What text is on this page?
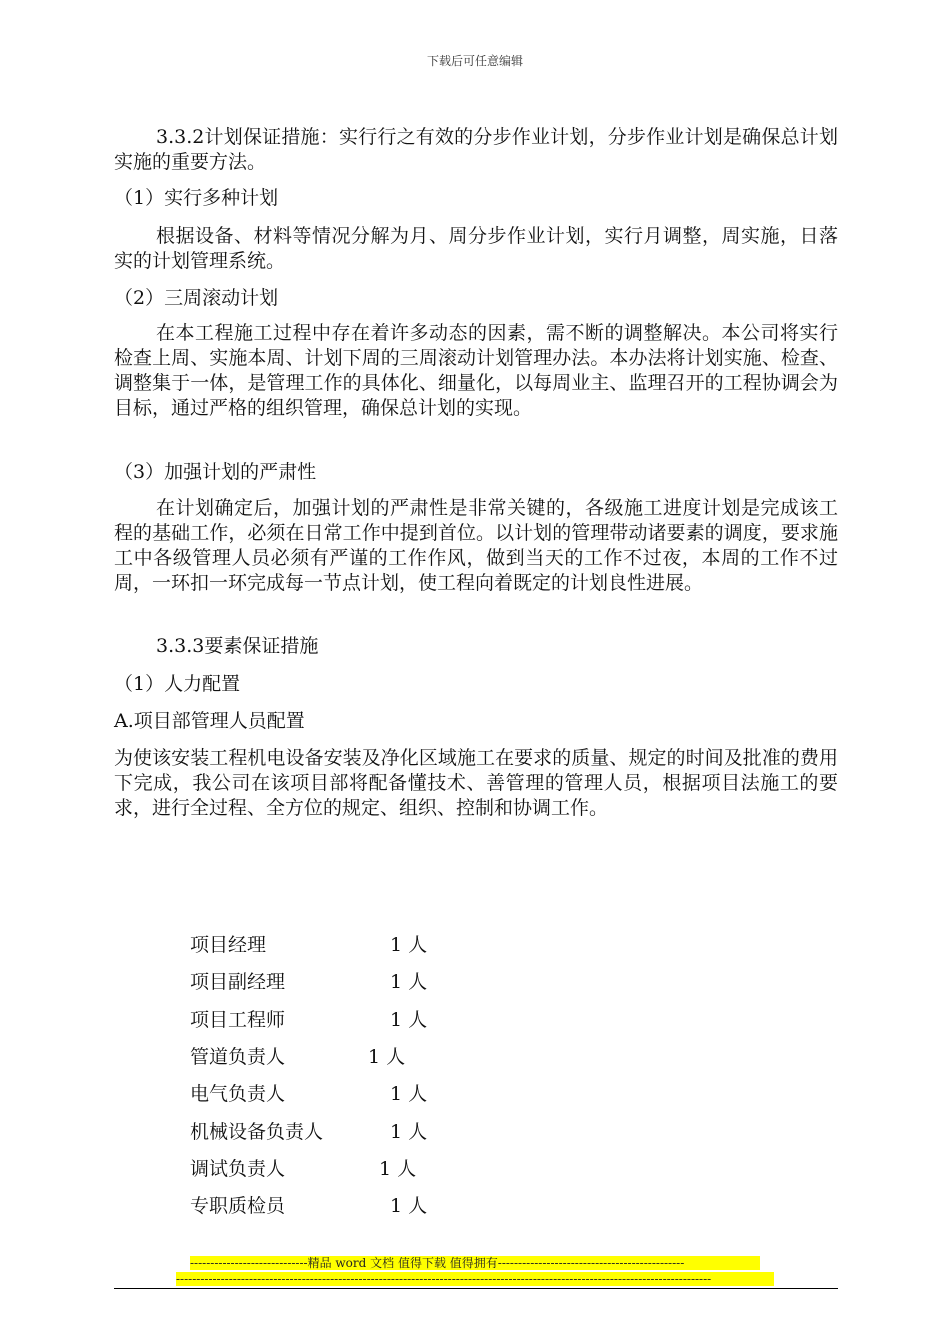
下载后可任意编辑
3.3.2计划保证措施：实行行之有效的分步作业计划，分步作业计划是确保总计划实施的重要方法。
（1）实行多种计划
根据设备、材料等情况分解为月、周分步作业计划，实行月调整，周实施，日落实的计划管理系统。
（2）三周滚动计划
在本工程施工过程中存在着许多动态的因素，需不断的调整解决。本公司将实行检查上周、实施本周、计划下周的三周滚动计划管理办法。本办法将计划实施、检查、调整集于一体，是管理工作的具体化、细量化，以每周业主、监理召开的工程协调会为目标，通过严格的组织管理，确保总计划的实现。
（3）加强计划的严肃性
在计划确定后，加强计划的严肃性是非常关键的，各级施工进度计划是完成该工程的基础工作，必须在日常工作中提到首位。以计划的管理带动诸要素的调度，要求施工中各级管理人员必须有严谨的工作作风，做到当天的工作不过夜，本周的工作不过周，一环扣一环完成每一节点计划，使工程向着既定的计划良性进展。
3.3.3要素保证措施
（1）人力配置
A.项目部管理人员配置
为使该安装工程机电设备安装及净化区域施工在要求的质量、规定的时间及批准的费用下完成，我公司在该项目部将配备懂技术、善管理的管理人员，根据项目法施工的要求，进行全过程、全方位的规定、组织、控制和协调工作。
项目经理	1 人
项目副经理	1 人
项目工程师	1 人
管道负责人	1 人
电气负责人	1 人
机械设备负责人	1 人
调试负责人	1 人
专职质检员	1 人
-----------------------------精品 word 文档 值得下载 值得拥有----------------------------------------------
------------------------------------------------------------------------------------------------------------------------------------
